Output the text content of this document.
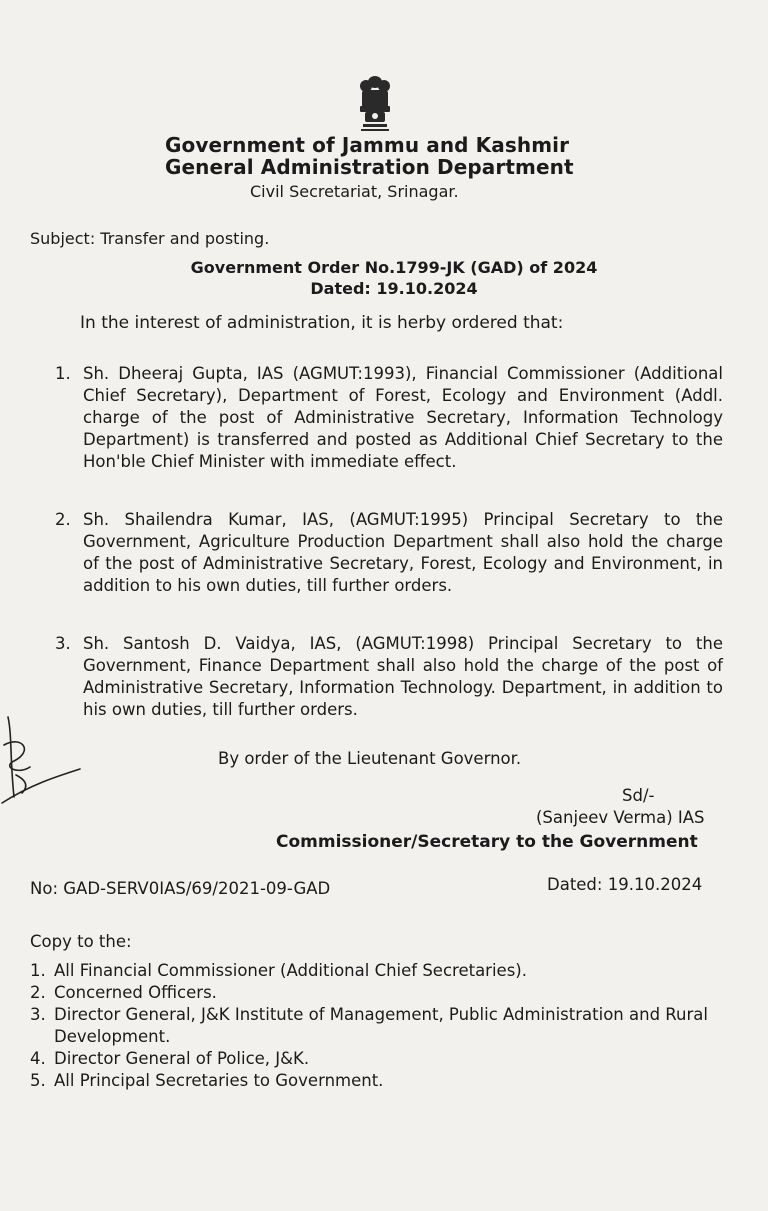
Government of Jammu and Kashmir
General Administration Department
Civil Secretariat, Srinagar.
Subject: Transfer and posting.
Government Order No.1799-JK (GAD) of 2024
Dated: 19.10.2024
In the interest of administration, it is herby ordered that:
1. Sh. Dheeraj Gupta, IAS (AGMUT:1993), Financial Commissioner (Additional Chief Secretary), Department of Forest, Ecology and Environment (Addl. charge of the post of Administrative Secretary, Information Technology Department) is transferred and posted as Additional Chief Secretary to the Hon'ble Chief Minister with immediate effect.
2. Sh. Shailendra Kumar, IAS, (AGMUT:1995) Principal Secretary to the Government, Agriculture Production Department shall also hold the charge of the post of Administrative Secretary, Forest, Ecology and Environment, in addition to his own duties, till further orders.
3. Sh. Santosh D. Vaidya, IAS, (AGMUT:1998) Principal Secretary to the Government, Finance Department shall also hold the charge of the post of Administrative Secretary, Information Technology. Department, in addition to his own duties, till further orders.
By order of the Lieutenant Governor.
Sd/-
(Sanjeev Verma) IAS
Commissioner/Secretary to the Government
No: GAD-SERV0IAS/69/2021-09-GAD	Dated: 19.10.2024
Copy to the:
1. All Financial Commissioner (Additional Chief Secretaries).
2. Concerned Officers.
3. Director General, J&K Institute of Management, Public Administration and Rural Development.
4. Director General of Police, J&K.
5. All Principal Secretaries to Government.
